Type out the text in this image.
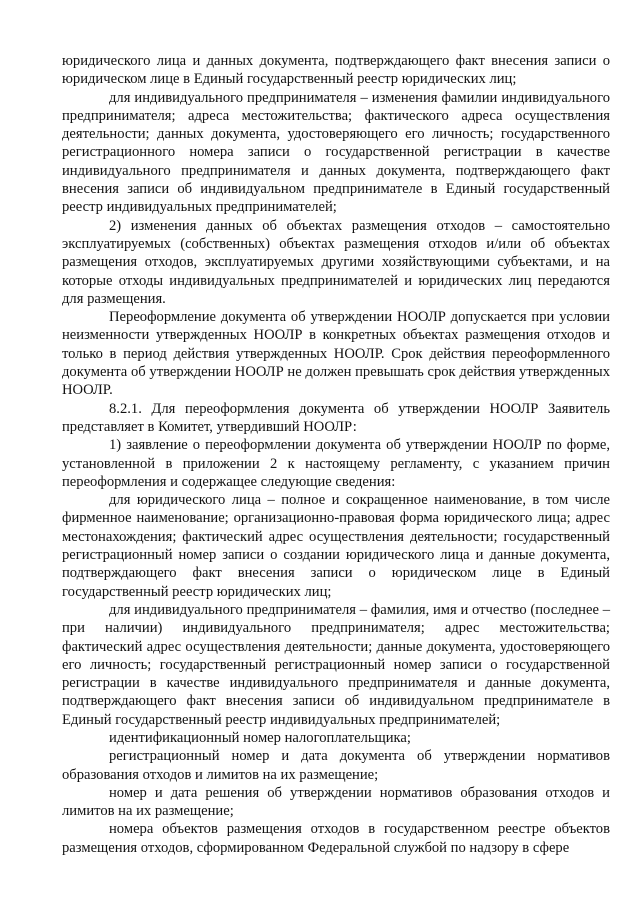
юридического лица и данных документа, подтверждающего факт внесения записи о юридическом лице в Единый государственный реестр юридических лиц;

для индивидуального предпринимателя – изменения фамилии индивидуального предпринимателя; адреса местожительства; фактического адреса осуществления деятельности; данных документа, удостоверяющего его личность; государственного регистрационного номера записи о государственной регистрации в качестве индивидуального предпринимателя и данных документа, подтверждающего факт внесения записи об индивидуальном предпринимателе в Единый государственный реестр индивидуальных предпринимателей;

2) изменения данных об объектах размещения отходов – самостоятельно эксплуатируемых (собственных) объектах размещения отходов и/или об объектах размещения отходов, эксплуатируемых другими хозяйствующими субъектами, и на которые отходы индивидуальных предпринимателей и юридических лиц передаются для размещения.

Переоформление документа об утверждении НООЛР допускается при условии неизменности утвержденных НООЛР в конкретных объектах размещения отходов и только в период действия утвержденных НООЛР. Срок действия переоформленного документа об утверждении НООЛР не должен превышать срок действия утвержденных НООЛР.

8.2.1. Для переоформления документа об утверждении НООЛР Заявитель представляет в Комитет, утвердивший НООЛР:

1) заявление о переоформлении документа об утверждении НООЛР по форме, установленной в приложении 2 к настоящему регламенту, с указанием причин переоформления и содержащее следующие сведения:

для юридического лица – полное и сокращенное наименование, в том числе фирменное наименование; организационно-правовая форма юридического лица; адрес местонахождения; фактический адрес осуществления деятельности; государственный регистрационный номер записи о создании юридического лица и данные документа, подтверждающего факт внесения записи о юридическом лице в Единый государственный реестр юридических лиц;

для индивидуального предпринимателя – фамилия, имя и отчество (последнее – при наличии) индивидуального предпринимателя; адрес местожительства; фактический адрес осуществления деятельности; данные документа, удостоверяющего его личность; государственный регистрационный номер записи о государственной регистрации в качестве индивидуального предпринимателя и данные документа, подтверждающего факт внесения записи об индивидуальном предпринимателе в Единый государственный реестр индивидуальных предпринимателей;

идентификационный номер налогоплательщика;

регистрационный номер и дата документа об утверждении нормативов образования отходов и лимитов на их размещение;

номер и дата решения об утверждении нормативов образования отходов и лимитов на их размещение;

номера объектов размещения отходов в государственном реестре объектов размещения отходов, сформированном Федеральной службой по надзору в сфере
